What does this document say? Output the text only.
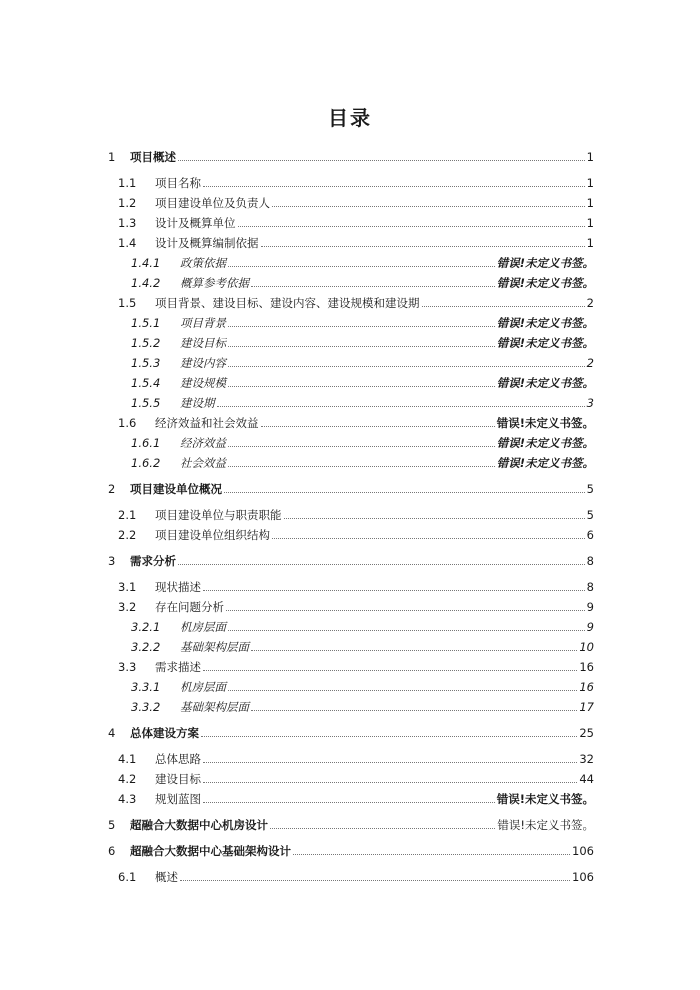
目录
1 项目概述	1
1.1 项目名称	1
1.2 项目建设单位及负责人	1
1.3 设计及概算单位	1
1.4 设计及概算编制依据	1
1.4.1 政策依据	错误!未定义书签。
1.4.2 概算参考依据	错误!未定义书签。
1.5 项目背景、建设目标、建设内容、建设规模和建设期	2
1.5.1 项目背景	错误!未定义书签。
1.5.2 建设目标	错误!未定义书签。
1.5.3 建设内容	2
1.5.4 建设规模	错误!未定义书签。
1.5.5 建设期	3
1.6 经济效益和社会效益	错误!未定义书签。
1.6.1 经济效益	错误!未定义书签。
1.6.2 社会效益	错误!未定义书签。
2 项目建设单位概况	5
2.1 项目建设单位与职责职能	5
2.2 项目建设单位组织结构	6
3 需求分析	8
3.1 现状描述	8
3.2 存在问题分析	9
3.2.1 机房层面	9
3.2.2 基础架构层面	10
3.3 需求描述	16
3.3.1 机房层面	16
3.3.2 基础架构层面	17
4 总体建设方案	25
4.1 总体思路	32
4.2 建设目标	44
4.3 规划蓝图	错误!未定义书签。
5 超融合大数据中心机房设计	错误!未定义书签。
6 超融合大数据中心基础架构设计	106
6.1 概述	106
